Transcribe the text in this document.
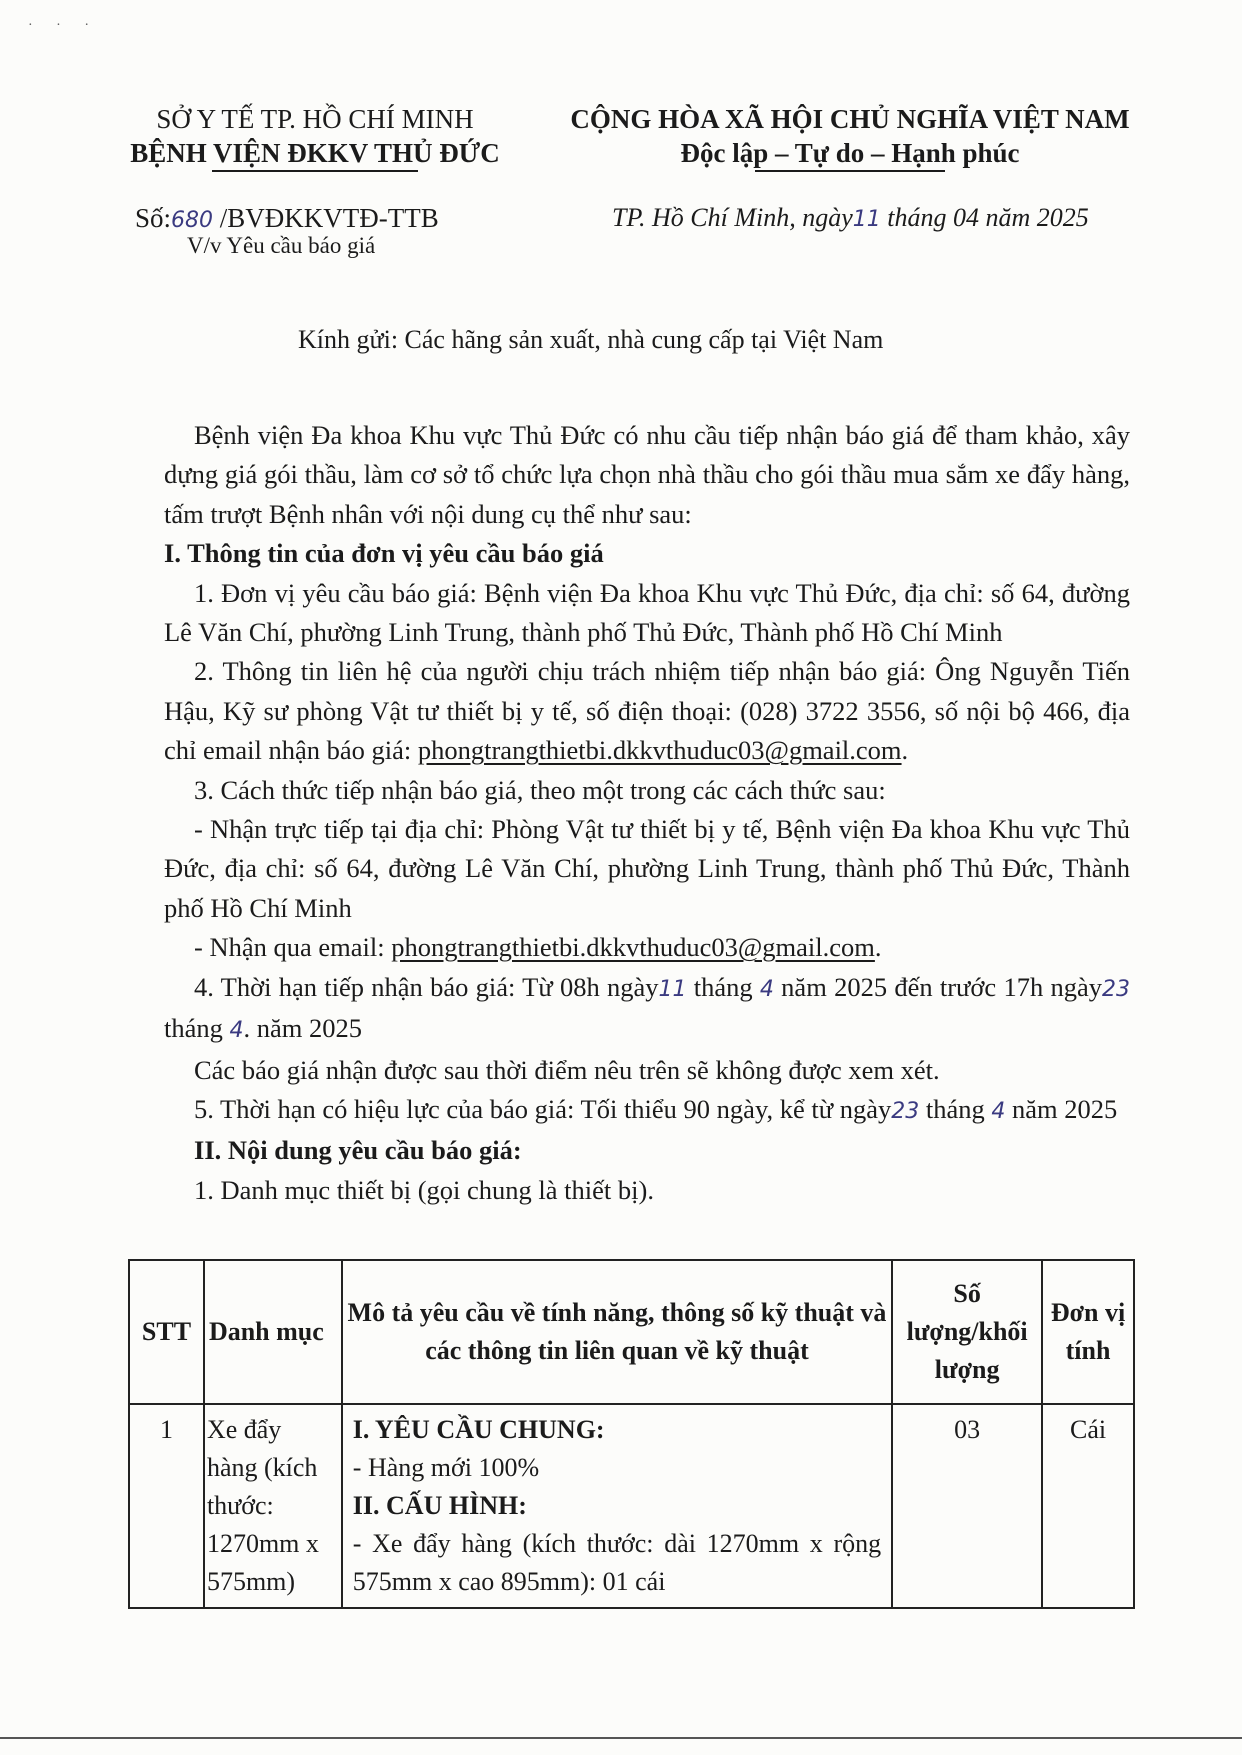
· · ·
SỞ Y TẾ TP. HỒ CHÍ MINH
BỆNH VIỆN ĐKKV THỦ ĐỨC
CỘNG HÒA XÃ HỘI CHỦ NGHĨA VIỆT NAM
Độc lập – Tự do – Hạnh phúc
Số:680 /BVĐKKVTĐ-TTB
V/v Yêu cầu báo giá
TP. Hồ Chí Minh, ngày11 tháng 04 năm 2025
Kính gửi: Các hãng sản xuất, nhà cung cấp tại Việt Nam

Bệnh viện Đa khoa Khu vực Thủ Đức có nhu cầu tiếp nhận báo giá để tham khảo, xây dựng giá gói thầu, làm cơ sở tổ chức lựa chọn nhà thầu cho gói thầu mua sắm xe đẩy hàng, tấm trượt Bệnh nhân với nội dung cụ thể như sau:

I. Thông tin của đơn vị yêu cầu báo giá

1. Đơn vị yêu cầu báo giá: Bệnh viện Đa khoa Khu vực Thủ Đức, địa chỉ: số 64, đường Lê Văn Chí, phường Linh Trung, thành phố Thủ Đức, Thành phố Hồ Chí Minh

2. Thông tin liên hệ của người chịu trách nhiệm tiếp nhận báo giá: Ông Nguyễn Tiến Hậu, Kỹ sư phòng Vật tư thiết bị y tế, số điện thoại: (028) 3722 3556, số nội bộ 466, địa chỉ email nhận báo giá: phongtrangthietbi.dkkvthuduc03@gmail.com.

3. Cách thức tiếp nhận báo giá, theo một trong các cách thức sau:

- Nhận trực tiếp tại địa chỉ: Phòng Vật tư thiết bị y tế, Bệnh viện Đa khoa Khu vực Thủ Đức, địa chỉ: số 64, đường Lê Văn Chí, phường Linh Trung, thành phố Thủ Đức, Thành phố Hồ Chí Minh

- Nhận qua email: phongtrangthietbi.dkkvthuduc03@gmail.com.

4. Thời hạn tiếp nhận báo giá: Từ 08h ngày11 tháng 4 năm 2025 đến trước 17h ngày23 tháng 4. năm 2025

Các báo giá nhận được sau thời điểm nêu trên sẽ không được xem xét.

5. Thời hạn có hiệu lực của báo giá: Tối thiểu 90 ngày, kể từ ngày23 tháng 4 năm 2025

II. Nội dung yêu cầu báo giá:

1. Danh mục thiết bị (gọi chung là thiết bị).

STT	Danh mục	Mô tả yêu cầu về tính năng, thông số kỹ thuật và các thông tin liên quan về kỹ thuật	Số lượng/khối lượng	Đơn vị tính
1	Xe đẩy hàng (kích thước: 1270mm x 575mm)	I. YÊU CẦU CHUNG:

- Hàng mới 100%

II. CẤU HÌNH:

- Xe đẩy hàng (kích thước: dài 1270mm x rộng 575mm x cao 895mm): 01 cái	03	Cái
